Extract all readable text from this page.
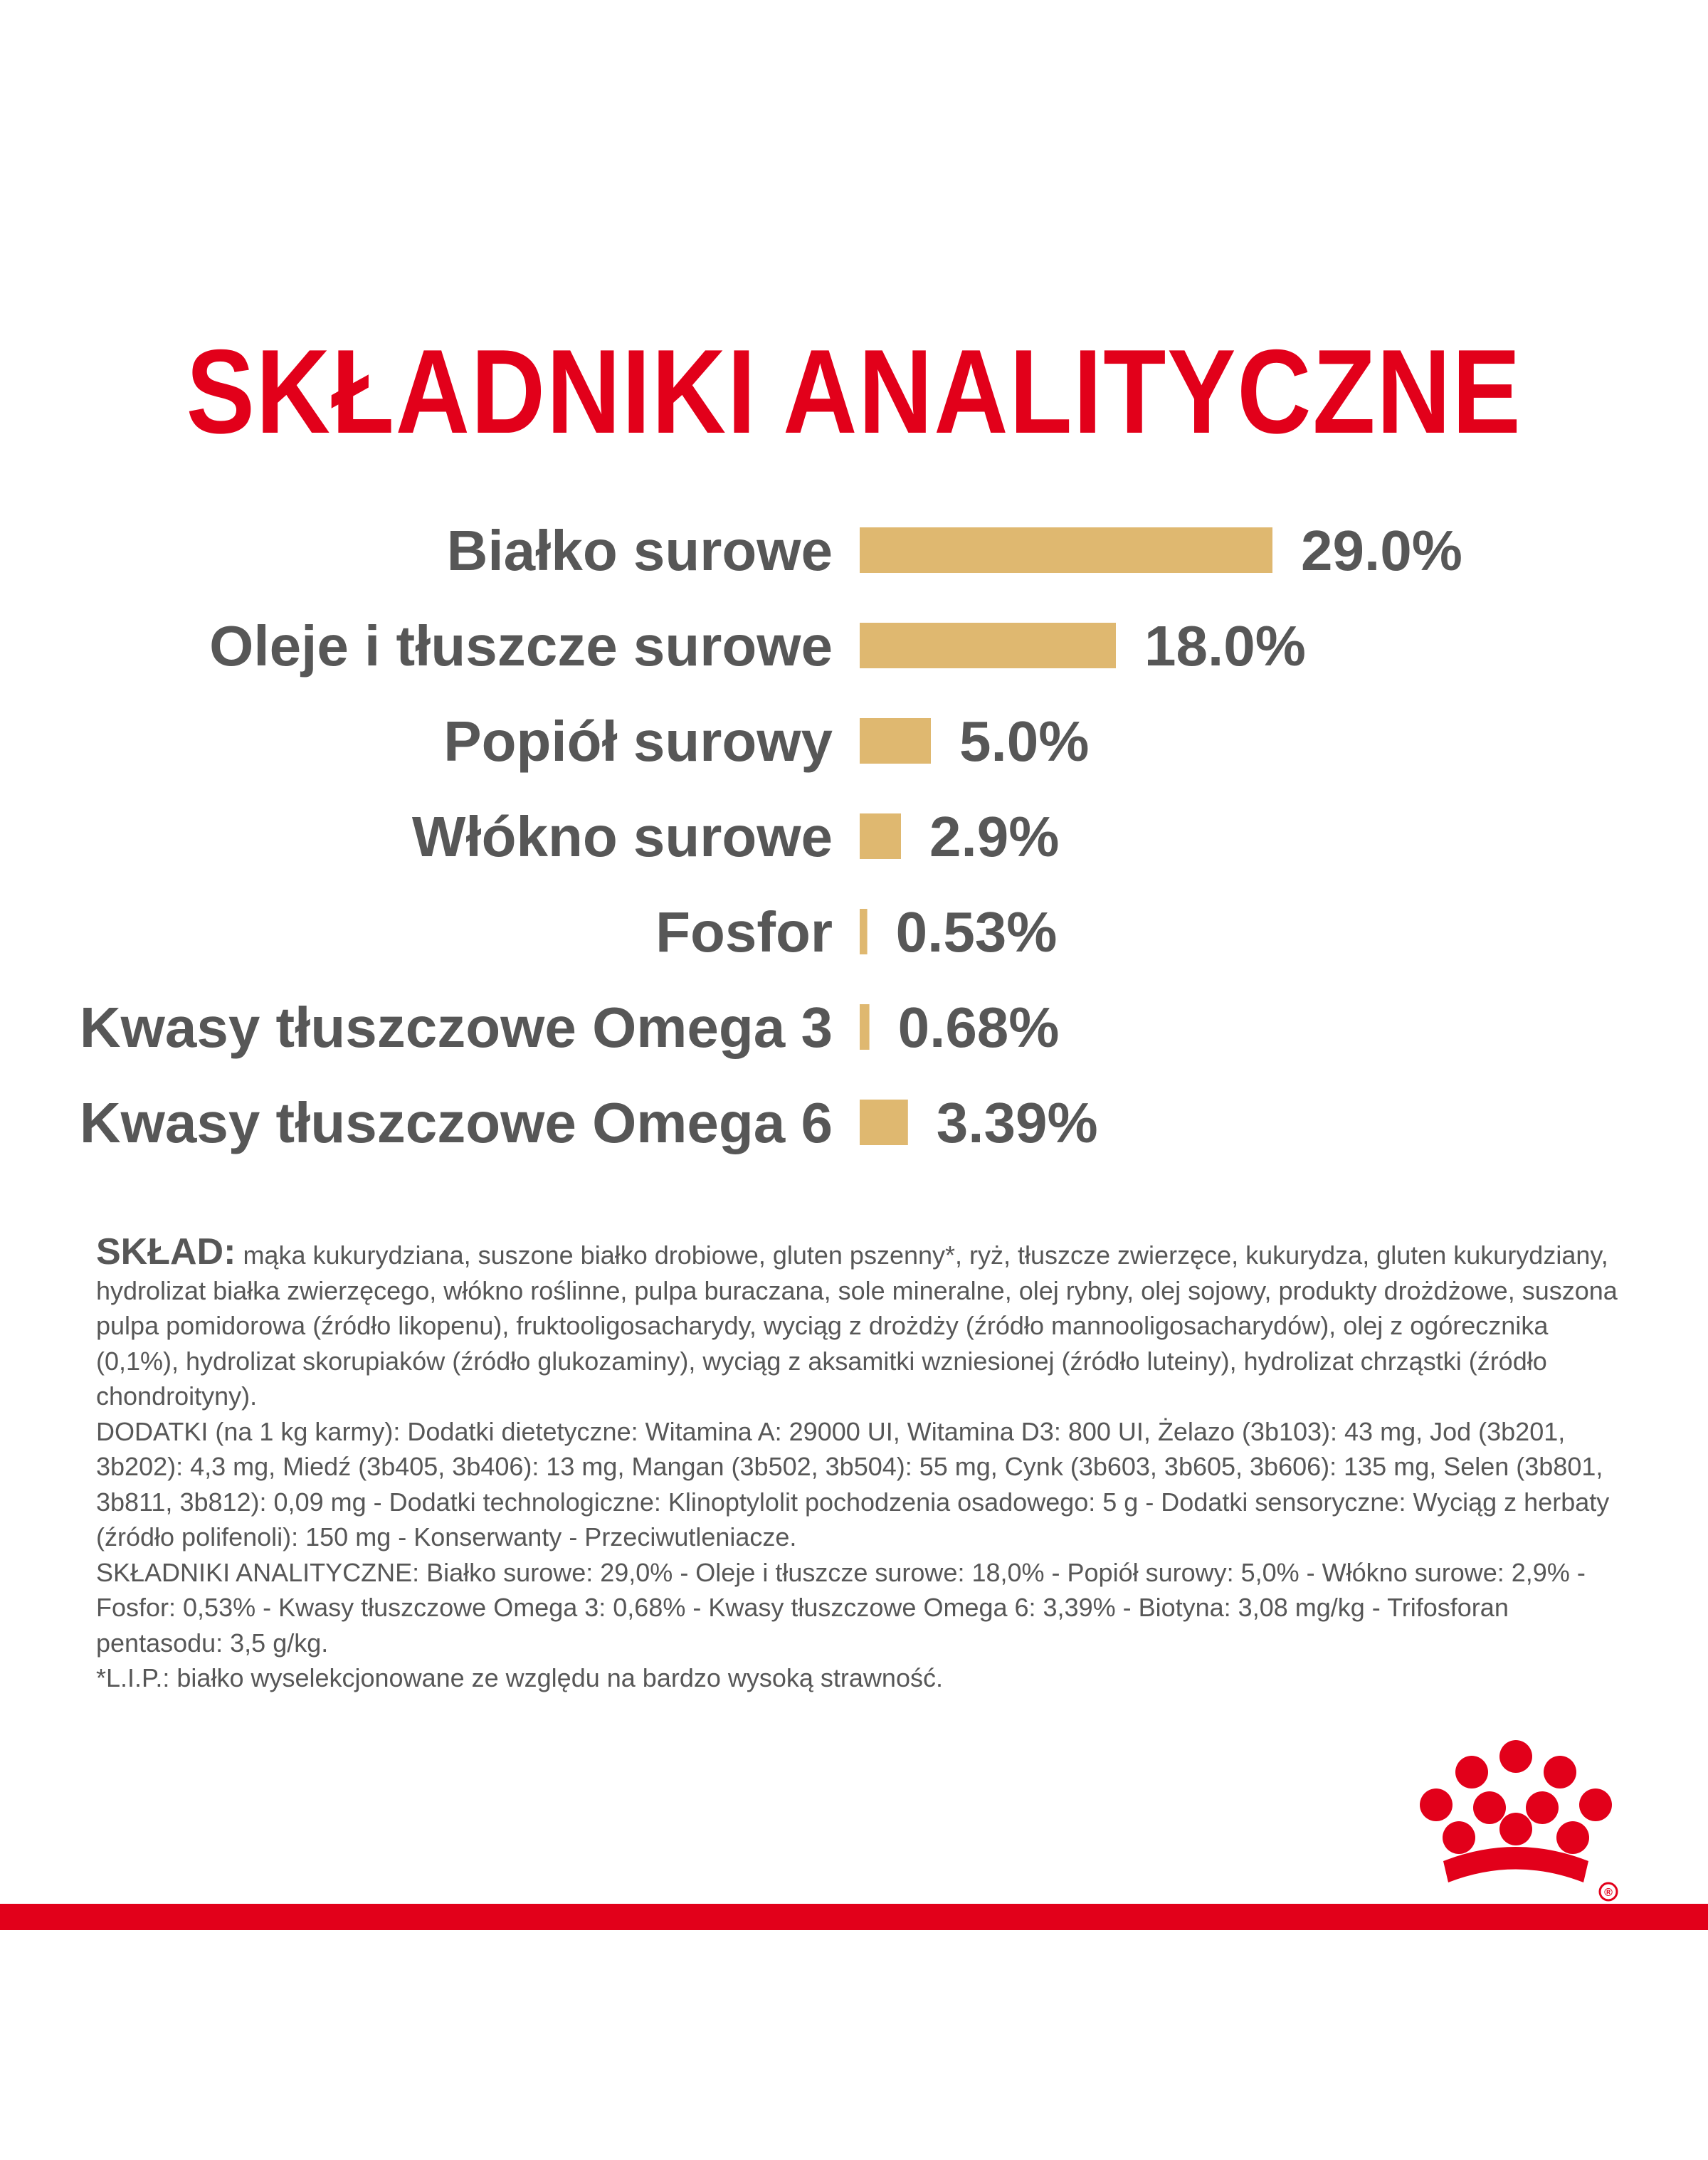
SKŁADNIKI ANALITYCZNE
Białko surowe	29.0%
Oleje i tłuszcze surowe	18.0%
Popiół surowy 5.0%
Włókno surowe 2.9%
Fosfor 0.53%
Kwasy tłuszczowe Omega 3 0.68%
Kwasy tłuszczowe Omega 6 3.39%

SKŁAD: mąka kukurydziana, suszone białko drobiowe, gluten pszenny*, ryż, tłuszcze zwierzęce, kukurydza, gluten kukurydziany, hydrolizat białka zwierzęcego, włókno roślinne, pulpa buraczana, sole mineralne, olej rybny, olej sojowy, produkty drożdżowe, suszona pulpa pomidorowa (źródło likopenu), fruktooligosacharydy, wyciąg z drożdży (źródło mannooligosacharydów), olej z ogórecznika (0,1%), hydrolizat skorupiaków (źródło glukozaminy), wyciąg z aksamitki wzniesionej (źródło luteiny), hydrolizat chrząstki (źródło chondroityny).

DODATKI (na 1 kg karmy): Dodatki dietetyczne: Witamina A: 29000 UI, Witamina D3: 800 UI, Żelazo (3b103): 43 mg, Jod (3b201, 3b202): 4,3 mg, Miedź (3b405, 3b406): 13 mg, Mangan (3b502, 3b504): 55 mg, Cynk (3b603, 3b605, 3b606): 135 mg, Selen (3b801, 3b811, 3b812): 0,09 mg - Dodatki technologiczne: Klinoptylolit pochodzenia osadowego: 5 g - Dodatki sensoryczne: Wyciąg z herbaty (źródło polifenoli): 150 mg - Konserwanty - Przeciwutleniacze.

SKŁADNIKI ANALITYCZNE: Białko surowe: 29,0% - Oleje i tłuszcze surowe: 18,0% - Popiół surowy: 5,0% - Włókno surowe: 2,9% - Fosfor: 0,53% - Kwasy tłuszczowe Omega 3: 0,68% - Kwasy tłuszczowe Omega 6: 3,39% - Biotyna: 3,08 mg/kg - Trifosforan pentasodu: 3,5 g/kg.

*L.I.P.: białko wyselekcjonowane ze względu na bardzo wysoką strawność.

®
